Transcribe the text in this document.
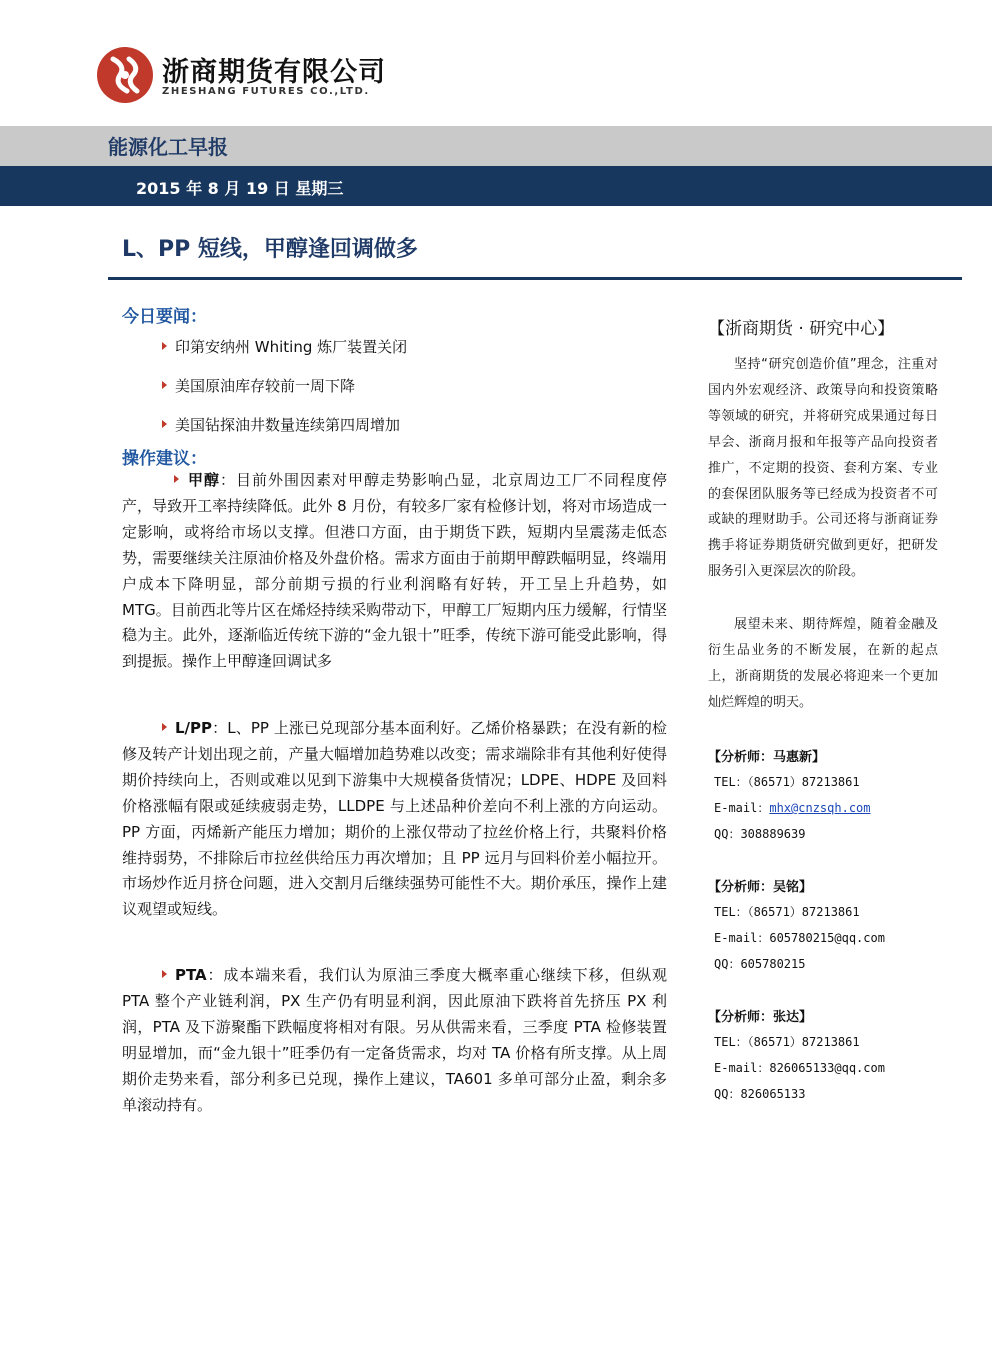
浙商期货有限公司
ZHESHANG FUTURES CO.,LTD.
能源化工早报
2015 年 8 月 19 日 星期三
L、PP 短线，甲醇逢回调做多
今日要闻：
印第安纳州 Whiting 炼厂装置关闭
美国原油库存较前一周下降
美国钻探油井数量连续第四周增加
操作建议：
甲醇：目前外围因素对甲醇走势影响凸显，北京周边工厂不同程度停产，导致开工率持续降低。此外 8 月份，有较多厂家有检修计划，将对市场造成一定影响，或将给市场以支撑。但港口方面，由于期货下跌，短期内呈震荡走低态势，需要继续关注原油价格及外盘价格。需求方面由于前期甲醇跌幅明显，终端用户成本下降明显，部分前期亏损的行业利润略有好转，开工呈上升趋势，如 MTG。目前西北等片区在烯烃持续采购带动下，甲醇工厂短期内压力缓解，行情坚稳为主。此外，逐渐临近传统下游的“金九银十”旺季，传统下游可能受此影响，得到提振。操作上甲醇逢回调试多
L/PP：L、PP 上涨已兑现部分基本面利好。乙烯价格暴跌；在没有新的检修及转产计划出现之前，产量大幅增加趋势难以改变；需求端除非有其他利好使得期价持续向上，否则或难以见到下游集中大规模备货情况；LDPE、HDPE 及回料价格涨幅有限或延续疲弱走势，LLDPE 与上述品种价差向不利上涨的方向运动。PP 方面，丙烯新产能压力增加；期价的上涨仅带动了拉丝价格上行，共聚料价格维持弱势，不排除后市拉丝供给压力再次增加；且 PP 远月与回料价差小幅拉开。市场炒作近月挤仓问题，进入交割月后继续强势可能性不大。期价承压，操作上建议观望或短线。
PTA：成本端来看，我们认为原油三季度大概率重心继续下移，但纵观 PTA 整个产业链利润，PX 生产仍有明显利润，因此原油下跌将首先挤压 PX 利润，PTA 及下游聚酯下跌幅度将相对有限。另从供需来看，三季度 PTA 检修装置明显增加，而“金九银十”旺季仍有一定备货需求，均对 TA 价格有所支撑。从上周期价走势来看，部分利多已兑现，操作上建议，TA601 多单可部分止盈，剩余多单滚动持有。
【浙商期货 · 研究中心】
坚持“研究创造价值”理念，注重对国内外宏观经济、政策导向和投资策略等领域的研究，并将研究成果通过每日早会、浙商月报和年报等产品向投资者推广，不定期的投资、套利方案、专业的套保团队服务等已经成为投资者不可或缺的理财助手。公司还将与浙商证券携手将证券期货研究做到更好，把研发服务引入更深层次的阶段。
展望未来、期待辉煌，随着金融及衍生品业务的不断发展，在新的起点上，浙商期货的发展必将迎来一个更加灿烂辉煌的明天。
【分析师：马惠新】
TEL：（86571）87213861
E-mail：mhx@cnzsqh.com
QQ：308889639
【分析师：吴铭】
TEL：（86571）87213861
E-mail：605780215@qq.com
QQ：605780215
【分析师：张达】
TEL：（86571）87213861
E-mail：826065133@qq.com
QQ：826065133
